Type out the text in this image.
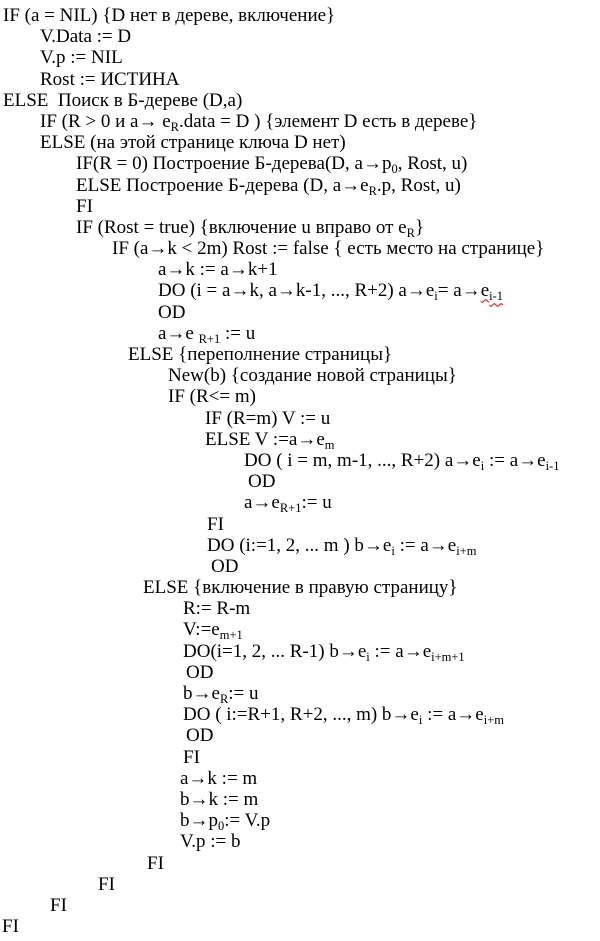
IF (a = NIL) {D нет в дереве, включение}
V.Data := D
V.p := NIL
Rost := ИСТИНА
ELSE  Поиск в Б-дереве (D,a)
IF (R > 0 и $a\to e_R.data = D$ ) {элемент D есть в дереве}
ELSE (на этой странице ключа D нет)
IF(R = 0) Построение Б-дерева(D, $a\to p_0$, Rost, u)
ELSE Построение Б-дерева (D, $a\to e_R.p$, Rost, u)
FI
IF (Rost = true) {включение u вправо от $e_R$}
IF (a→k < 2m) Rost := false { есть место на странице}
a→k := a→k+1
DO (i = a→k, a→k-1, ..., R+2) $a\to e_i= a\to e_{i-1}$
OD
a→e $_{R+1}$ := u
ELSE {переполнение страницы}
New(b) {создание новой страницы}
IF (R<= m)
IF (R=m) V := u
ELSE V $:=a\to e_m$
DO ( i = m, m-1, ..., R+2) $a\to e_i$ := $a\to e_{i-1}$
OD
$a\to e_{R+1}:= u$
FI
DO (i:=1, 2, ... m ) $b\to e_i$ := $a\to e_{i+m}$
OD
ELSE {включение в правую страницу}
R:= R-m
$V:=e_{m+1}$
DO(i=1, 2, ... R-1) $b\to e_i$ := $a\to e_{i+m+1}$
OD
$b\to e_R:= u$
DO ( i:=R+1, R+2, ..., m) $b\to e_i$ := $a\to e_{i+m}$
OD
FI
a→k := m
b→k := m
$b\to p_0:= V.p$
V.p := b
FI
FI
FI
FI
